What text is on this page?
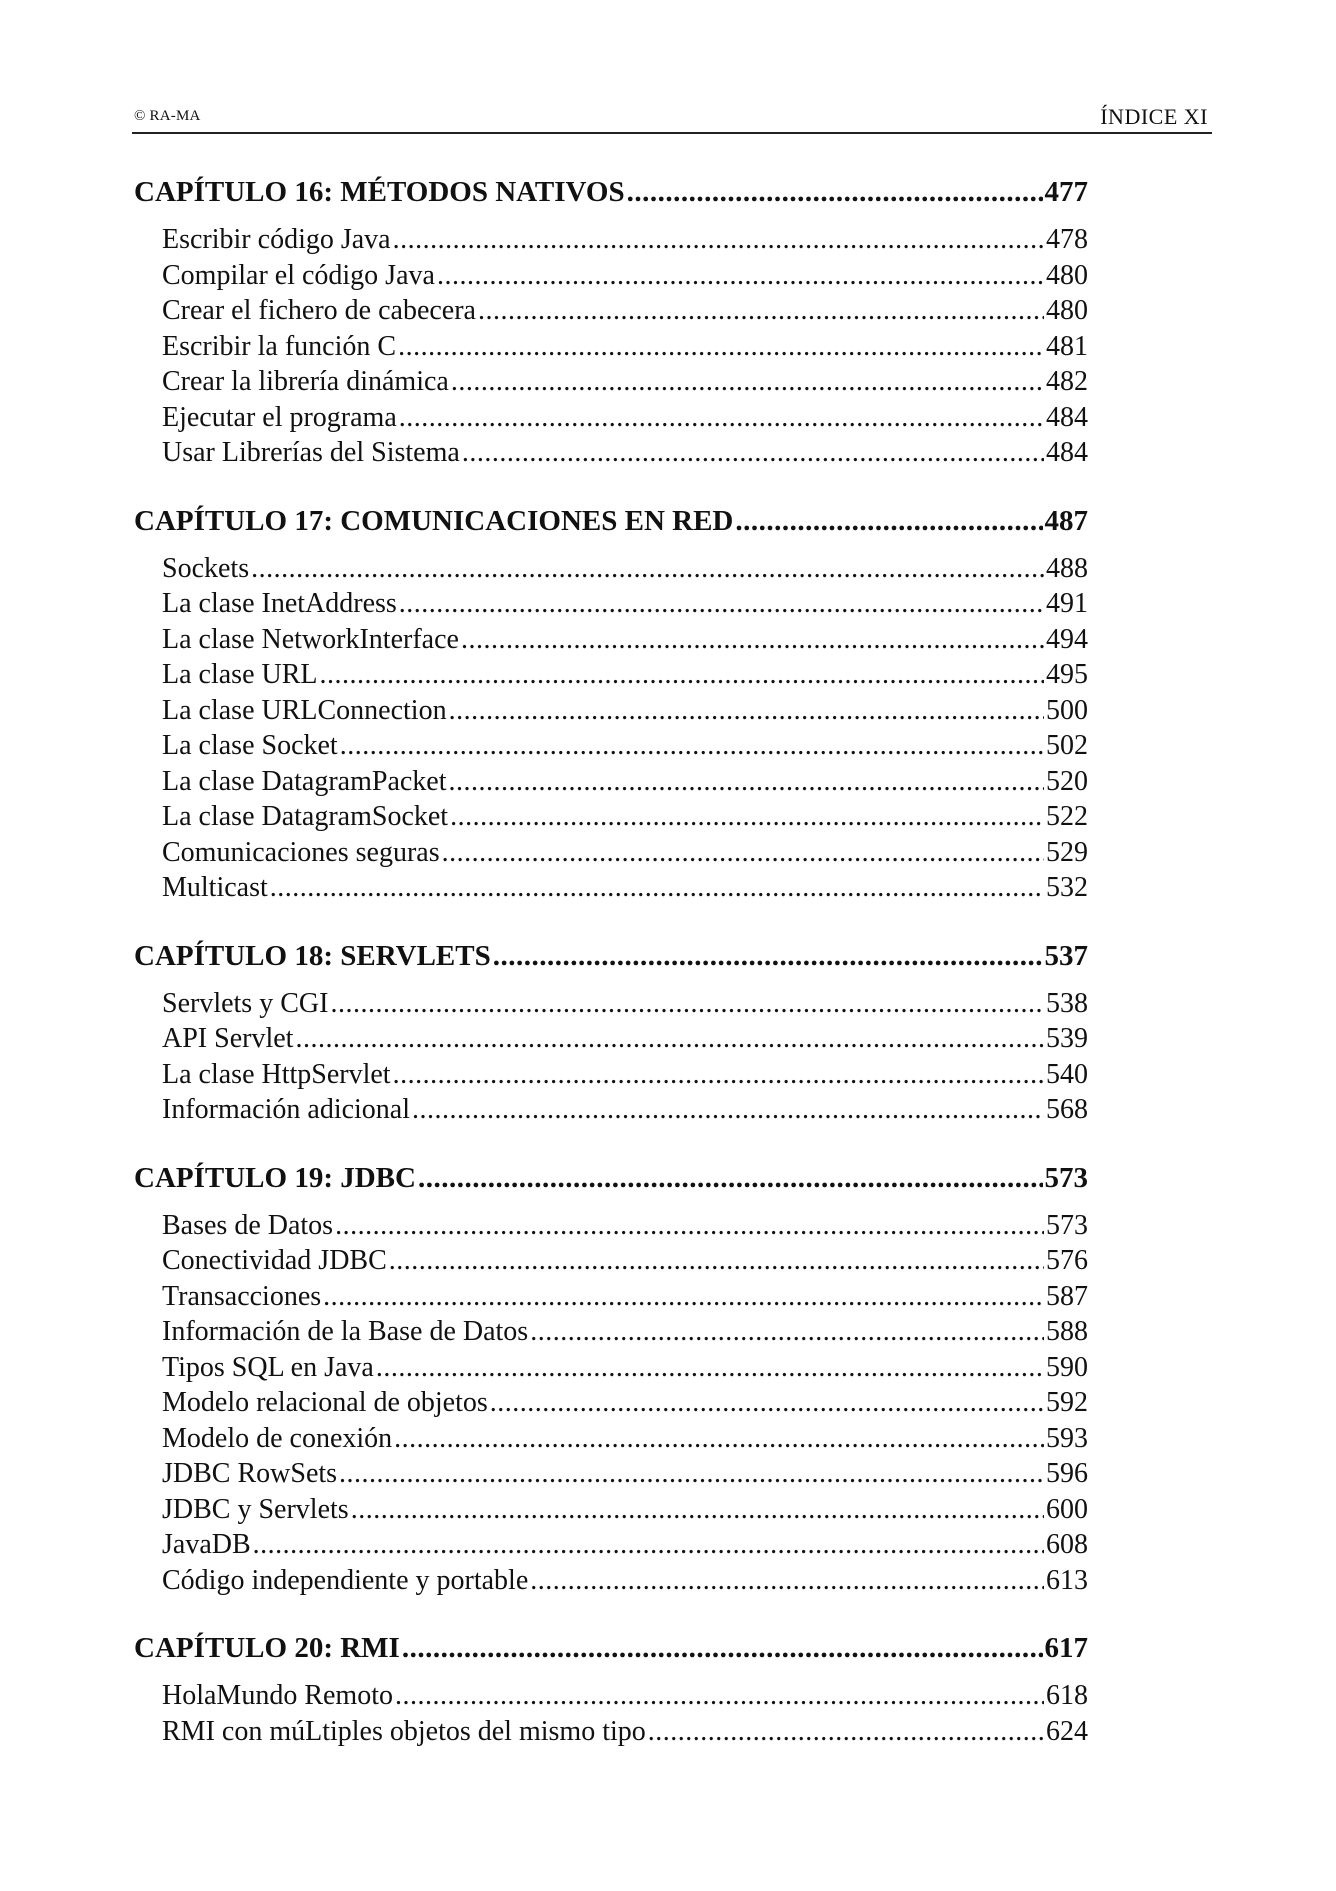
© RA-MA	ÍNDICE XI
CAPÍTULO 16: MÉTODOS NATIVOS .....	477
Escribir código Java .....	478
Compilar el código Java .....	480
Crear el fichero de cabecera .....	480
Escribir la función C .....	481
Crear la librería dinámica .....	482
Ejecutar el programa .....	484
Usar Librerías del Sistema .....	484
CAPÍTULO 17: COMUNICACIONES EN RED .....	487
Sockets .....	488
La clase InetAddress .....	491
La clase NetworkInterface .....	494
La clase URL .....	495
La clase URLConnection .....	500
La clase Socket .....	502
La clase DatagramPacket .....	520
La clase DatagramSocket .....	522
Comunicaciones seguras .....	529
Multicast .....	532
CAPÍTULO 18: SERVLETS .....	537
Servlets y CGI .....	538
API Servlet .....	539
La clase HttpServlet .....	540
Información adicional .....	568
CAPÍTULO 19: JDBC .....	573
Bases de Datos .....	573
Conectividad JDBC .....	576
Transacciones .....	587
Información de la Base de Datos .....	588
Tipos SQL en Java .....	590
Modelo relacional de objetos .....	592
Modelo de conexión .....	593
JDBC RowSets .....	596
JDBC y Servlets .....	600
JavaDB .....	608
Código independiente y portable .....	613
CAPÍTULO 20: RMI .....	617
HolaMundo Remoto .....	618
RMI con múLtiples objetos del mismo tipo .....	624
